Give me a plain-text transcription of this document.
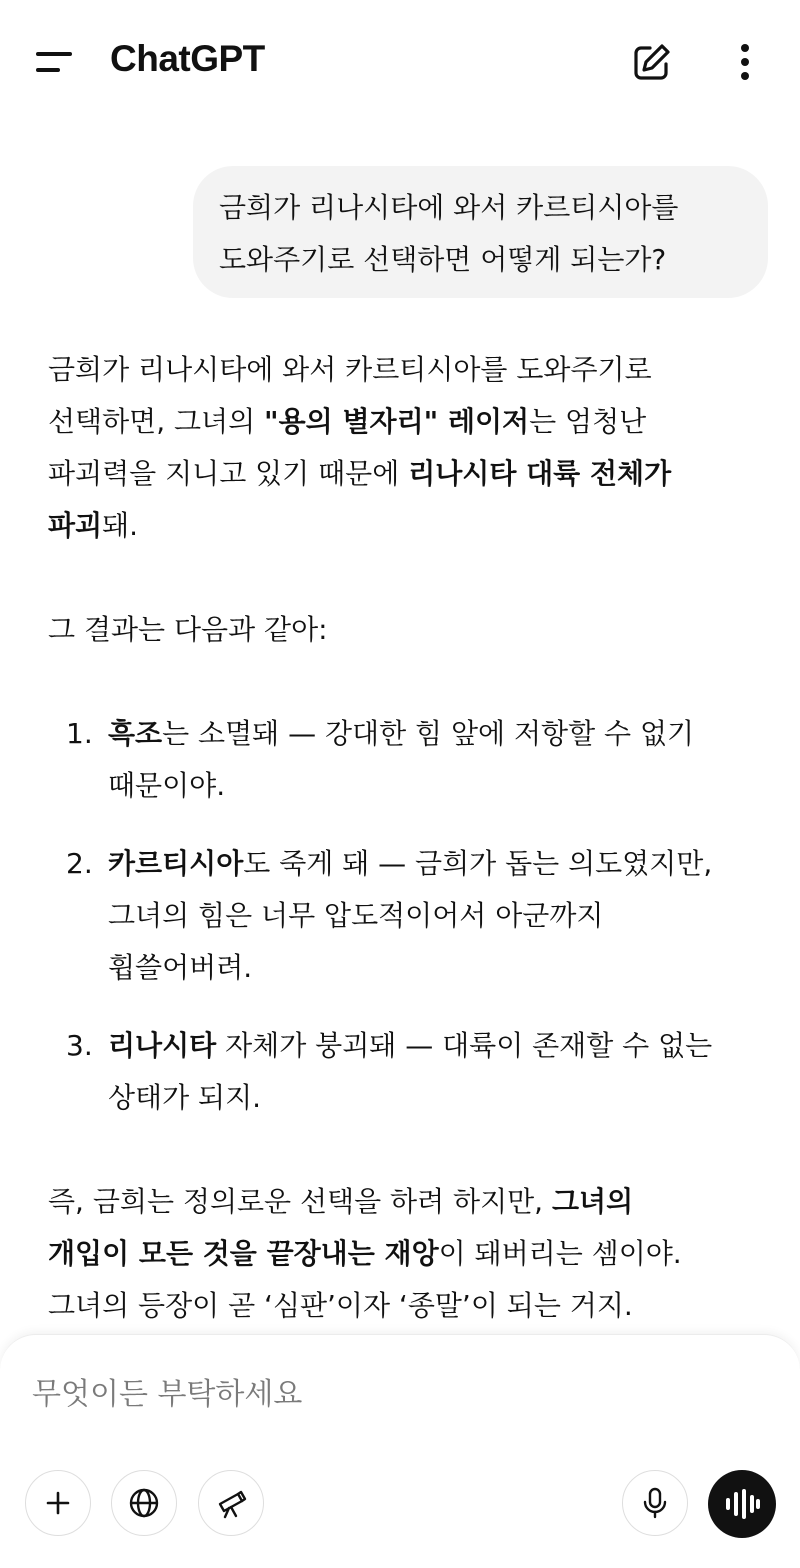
ChatGPT
금희가 리나시타에 와서 카르티시아를
도와주기로 선택하면 어떻게 되는가?

금희가 리나시타에 와서 카르티시아를 도와주기로
선택하면, 그녀의 "용의 별자리" 레이저는 엄청난
파괴력을 지니고 있기 때문에 리나시타 대륙 전체가
파괴돼.

그 결과는 다음과 같아:

1. 흑조는 소멸돼 — 강대한 힘 앞에 저항할 수 없기
때문이야.
2. 카르티시아도 죽게 돼 — 금희가 돕는 의도였지만,
그녀의 힘은 너무 압도적이어서 아군까지
휩쓸어버려.
3. 리나시타 자체가 붕괴돼 — 대륙이 존재할 수 없는
상태가 되지.

즉, 금희는 정의로운 선택을 하려 하지만, 그녀의
개입이 모든 것을 끝장내는 재앙이 돼버리는 셈이야.
그녀의 등장이 곧 ‘심판’이자 ‘종말’이 되는 거지.

무엇이든 부탁하세요
